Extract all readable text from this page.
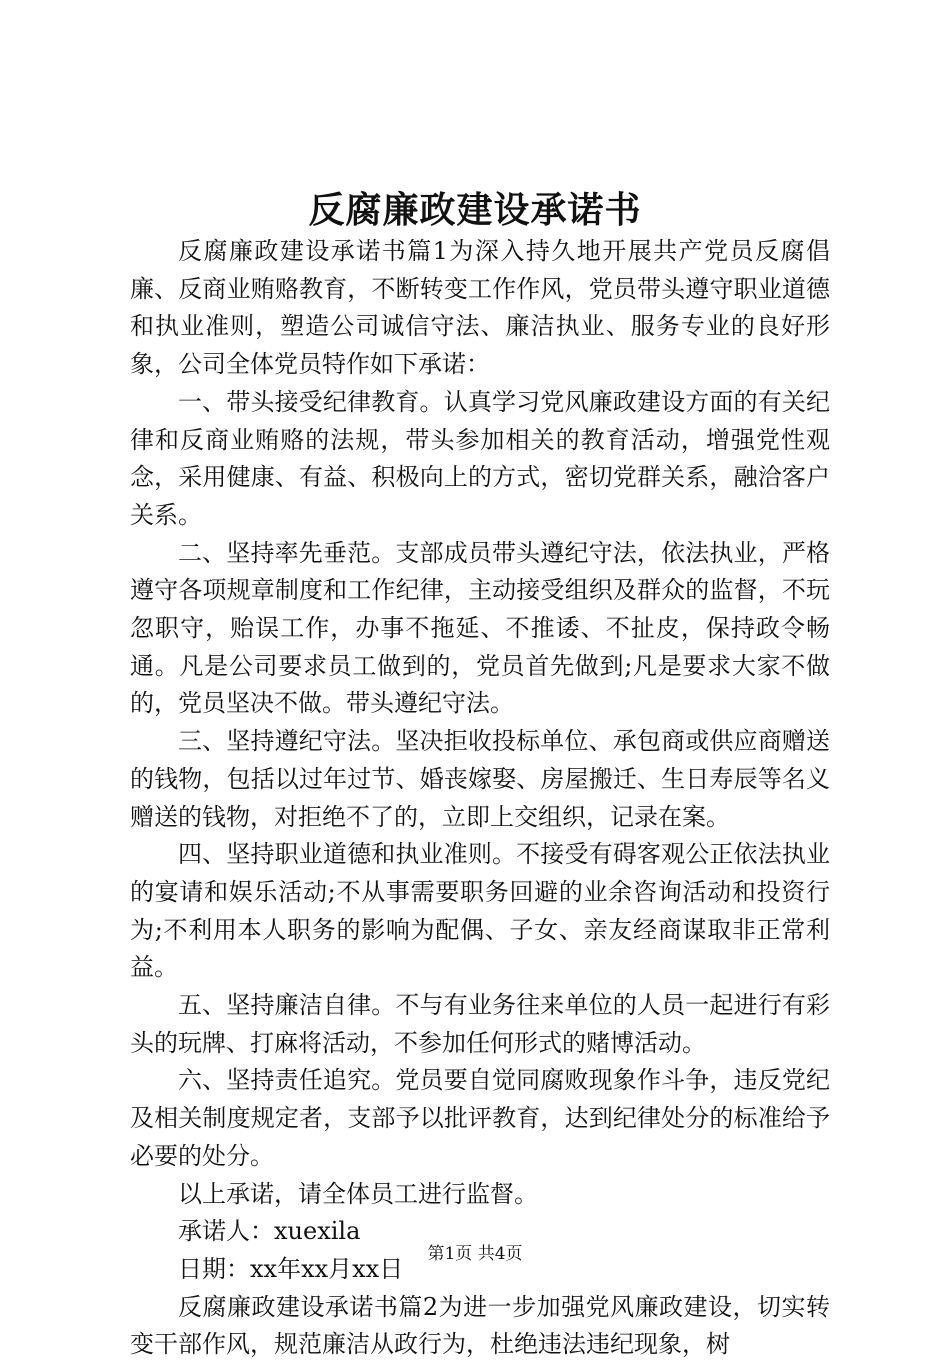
反腐廉政建设承诺书

反腐廉政建设承诺书篇1为深入持久地开展共产党员反腐倡廉、反商业贿赂教育，不断转变工作作风，党员带头遵守职业道德和执业准则，塑造公司诚信守法、廉洁执业、服务专业的良好形象，公司全体党员特作如下承诺：

一、带头接受纪律教育。认真学习党风廉政建设方面的有关纪律和反商业贿赂的法规，带头参加相关的教育活动，增强党性观念，采用健康、有益、积极向上的方式，密切党群关系，融洽客户关系。

二、坚持率先垂范。支部成员带头遵纪守法，依法执业，严格遵守各项规章制度和工作纪律，主动接受组织及群众的监督，不玩忽职守，贻误工作，办事不拖延、不推诿、不扯皮，保持政令畅通。凡是公司要求员工做到的，党员首先做到;凡是要求大家不做的，党员坚决不做。带头遵纪守法。

三、坚持遵纪守法。坚决拒收投标单位、承包商或供应商赠送的钱物，包括以过年过节、婚丧嫁娶、房屋搬迁、生日寿辰等名义赠送的钱物，对拒绝不了的，立即上交组织，记录在案。

四、坚持职业道德和执业准则。不接受有碍客观公正依法执业的宴请和娱乐活动;不从事需要职务回避的业余咨询活动和投资行为;不利用本人职务的影响为配偶、子女、亲友经商谋取非正常利益。

五、坚持廉洁自律。不与有业务往来单位的人员一起进行有彩头的玩牌、打麻将活动，不参加任何形式的赌博活动。

六、坚持责任追究。党员要自觉同腐败现象作斗争，违反党纪及相关制度规定者，支部予以批评教育，达到纪律处分的标准给予必要的处分。

以上承诺，请全体员工进行监督。

承诺人：xuexila

日期：xx年xx月xx日

反腐廉政建设承诺书篇2为进一步加强党风廉政建设，切实转变干部作风，规范廉洁从政行为，杜绝违法违纪现象，树

第1页 共4页
